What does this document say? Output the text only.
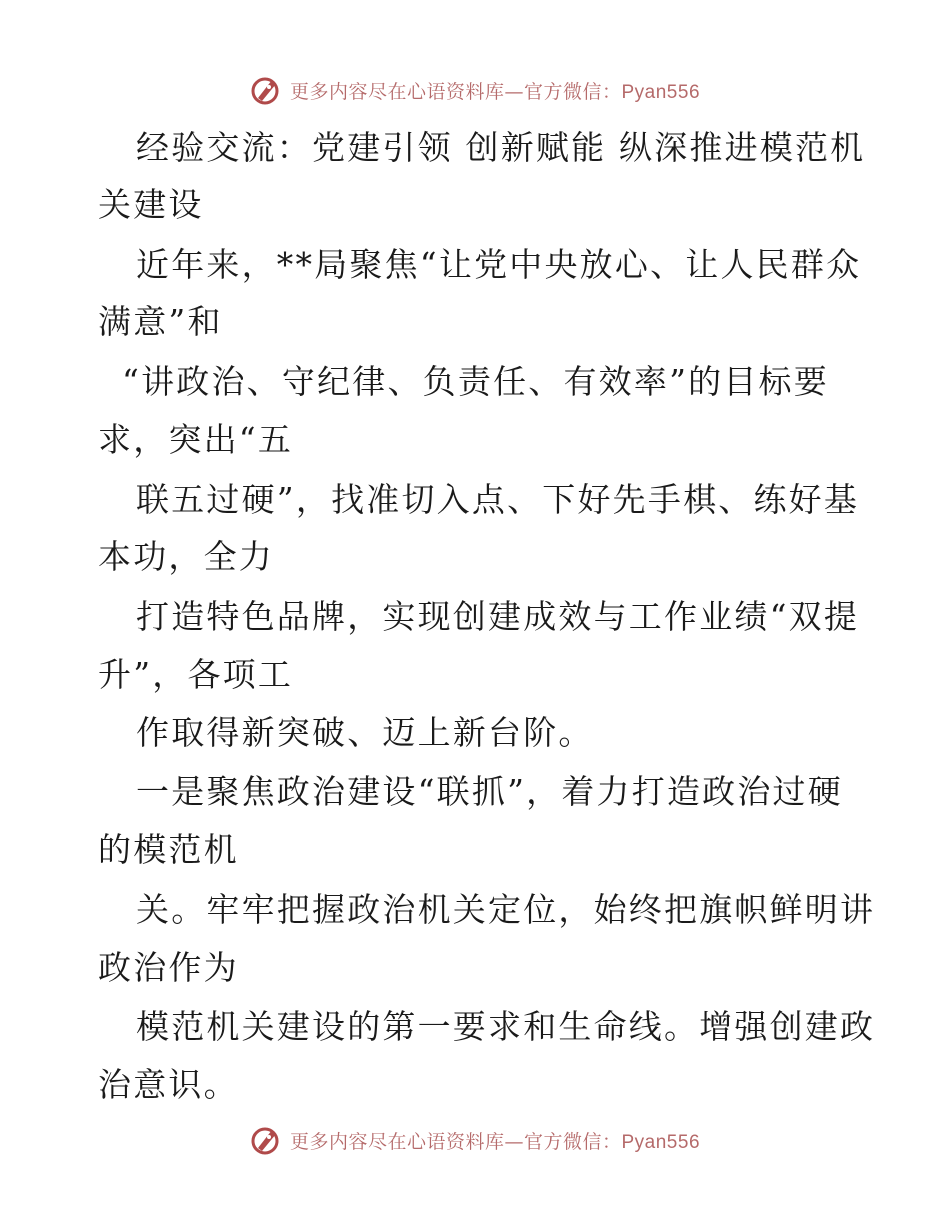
更多内容尽在心语资料库—官方微信：Pyan556
经验交流：党建引领 创新赋能 纵深推进模范机
关建设
近年来，**局聚焦“让党中央放心、让人民群众
满意”和
“讲政治、守纪律、负责任、有效率”的目标要
求，突出“五
联五过硬”，找准切入点、下好先手棋、练好基
本功，全力
打造特色品牌，实现创建成效与工作业绩“双提
升”，各项工
作取得新突破、迈上新台阶。
一是聚焦政治建设“联抓”，着力打造政治过硬
的模范机
关。牢牢把握政治机关定位，始终把旗帜鲜明讲
政治作为
模范机关建设的第一要求和生命线。增强创建政
治意识。
更多内容尽在心语资料库—官方微信：Pyan556
